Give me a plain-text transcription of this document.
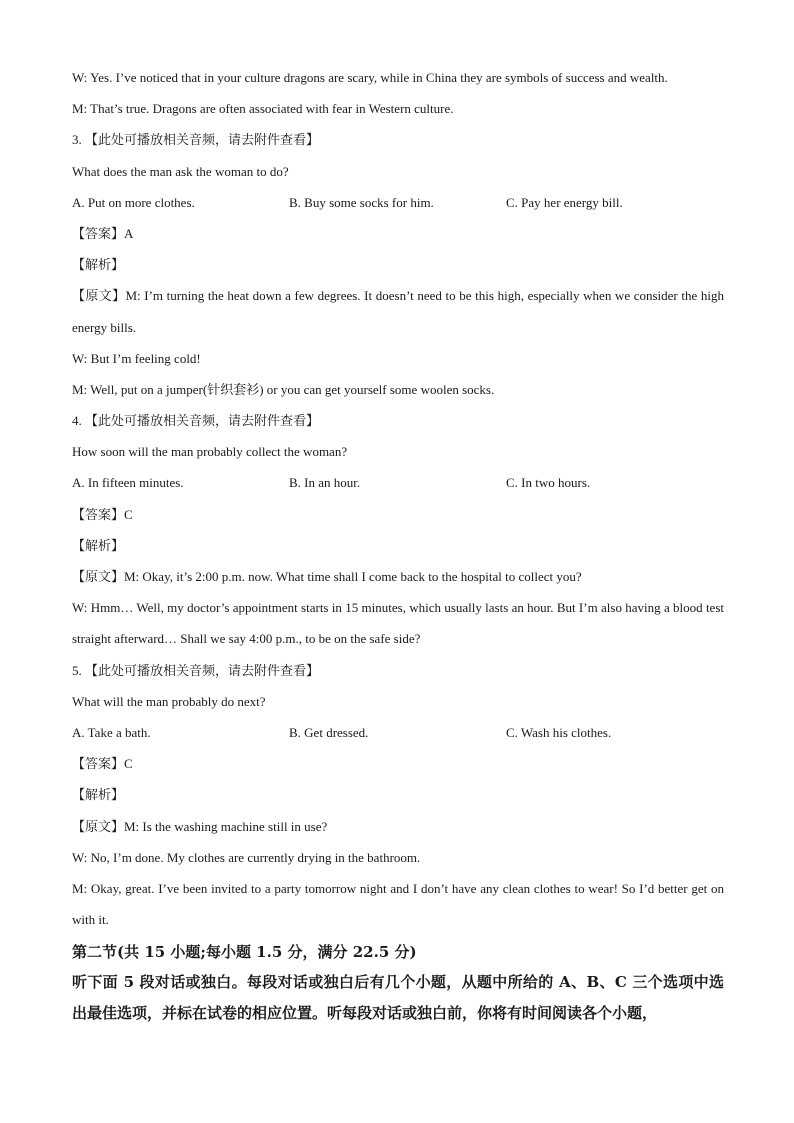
W: Yes. I’ve noticed that in your culture dragons are scary, while in China they are symbols of success and wealth.
M: That’s true. Dragons are often associated with fear in Western culture.
3. 【此处可播放相关音频，请去附件查看】
What does the man ask the woman to do?
A. Put on more clothes.	B. Buy some socks for him.	C. Pay her energy bill.
【答案】A
【解析】
【原文】M: I’m turning the heat down a few degrees. It doesn’t need to be this high, especially when we consider the high energy bills.
W: But I’m feeling cold!
M: Well, put on a jumper(针织套衫) or you can get yourself some woolen socks.
4. 【此处可播放相关音频，请去附件查看】
How soon will the man probably collect the woman?
A. In fifteen minutes.	B. In an hour.	C. In two hours.
【答案】C
【解析】
【原文】M: Okay, it’s 2:00 p.m. now. What time shall I come back to the hospital to collect you?
W: Hmm… Well, my doctor’s appointment starts in 15 minutes, which usually lasts an hour. But I’m also having a blood test straight afterward… Shall we say 4:00 p.m., to be on the safe side?
5. 【此处可播放相关音频，请去附件查看】
What will the man probably do next?
A. Take a bath.	B. Get dressed.	C. Wash his clothes.
【答案】C
【解析】
【原文】M: Is the washing machine still in use?
W: No, I’m done. My clothes are currently drying in the bathroom.
M: Okay, great. I’ve been invited to a party tomorrow night and I don’t have any clean clothes to wear! So I’d better get on with it.
第二节(共 15 小题;每小题 1.5 分，满分 22.5 分)
听下面 5 段对话或独白。每段对话或独白后有几个小题，从题中所给的 A、B、C 三个选项中选出最佳选项，并标在试卷的相应位置。听每段对话或独白前，你将有时间阅读各个小题，
